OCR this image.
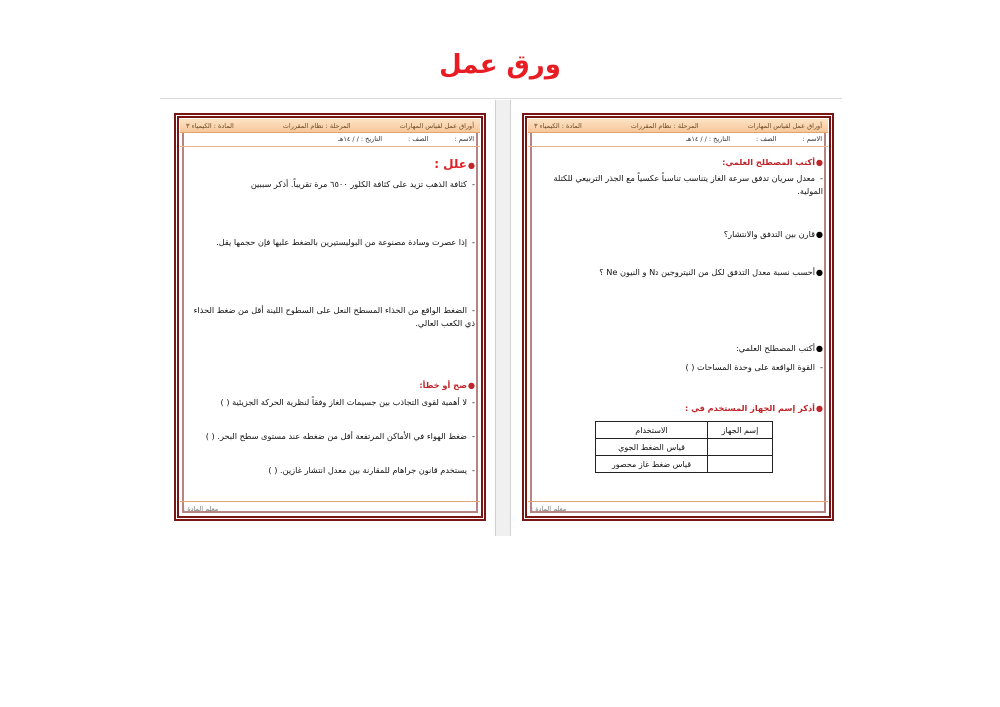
ورق عمل
أوراق عمل لقياس المهارات
المرحلة : نظام المقررات
المادة : الكيمياء ٣
الاسم :
الصف :
التاريخ : / / ١٤هـ
●أكتب المصطلح العلمي:
-معدل سريان تدفق سرعة الغاز يتناسب تناسباً عكسياً مع الجذر التربيعي للكتلة المولية.
●قارن بين التدفق والانتشار؟
●أحسب نسبة معدل التدفق لكل من النيتروجين N₂ و النيون Ne ؟
●أكتب المصطلح العلمي:
-القوة الواقعة على وحدة المساحات ( )
●أذكر إسم الجهاز المستخدم في :
إسم الجهاز	الاستخدام
	قياس الضغط الجوي
	قياس ضغط غاز محصور
معلم المادة :
أوراق عمل لقياس المهارات
المرحلة : نظام المقررات
المادة : الكيمياء ٣
الاسم :
الصف :
التاريخ : / / ١٤هـ
●علل :
-كثافة الذهب تزيد على كثافة الكلور ٦٥٠٠ مرة تقريباً. أذكر سببين
-إذا عصرت وسادة مصنوعة من البوليستيرين بالضغط عليها فإن حجمها يقل.
-الضغط الواقع من الحذاء المسطح النعل على السطوح اللينة أقل من ضغط الحذاء ذي الكعب العالي.
●صح أو خطأ:
-لا أهمية لقوى التجاذب بين جسيمات الغاز وفقاً لنظرية الحركة الجزيئية ( )
-ضغط الهواء في الأماكن المرتفعة أقل من ضغطه عند مستوى سطح البحر. ( )
-يستخدم قانون جراهام للمقارنة بين معدل انتشار غازين. ( )
معلم المادة :
